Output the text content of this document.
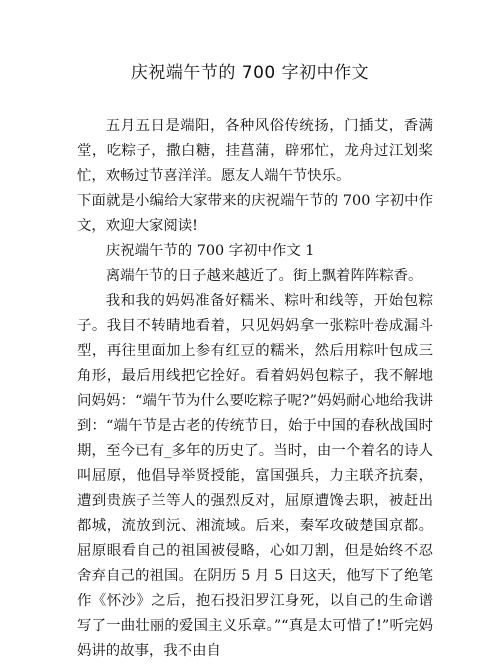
庆祝端午节的 700 字初中作文

五月五日是端阳，各种风俗传统扬，门插艾，香满堂，吃粽子，撒白糖，挂菖蒲，辟邪忙，龙舟过江划桨忙，欢畅过节喜洋洋。愿友人端午节快乐。

下面就是小编给大家带来的庆祝端午节的 700 字初中作文，欢迎大家阅读!

庆祝端午节的 700 字初中作文 1

离端午节的日子越来越近了。街上飘着阵阵粽香。

我和我的妈妈准备好糯米、粽叶和线等，开始包粽子。我目不转睛地看着，只见妈妈拿一张粽叶卷成漏斗型，再往里面加上参有红豆的糯米，然后用粽叶包成三角形，最后用线把它拴好。看着妈妈包粽子，我不解地问妈妈：“端午节为什么要吃粽子呢?”妈妈耐心地给我讲到：“端午节是古老的传统节日，始于中国的春秋战国时期，至今已有_多年的历史了。当时，由一个着名的诗人叫屈原，他倡导举贤授能，富国强兵，力主联齐抗秦，遭到贵族子兰等人的强烈反对，屈原遭馋去职，被赶出都城，流放到沅、湘流域。后来，秦军攻破楚国京都。屈原眼看自己的祖国被侵略，心如刀割，但是始终不忍舍弃自己的祖国。在阴历 5 月 5 日这天，他写下了绝笔作《怀沙》之后，抱石投汨罗江身死，以自己的生命谱写了一曲壮丽的爱国主义乐章。”“真是太可惜了!”听完妈妈讲的故事，我不由自
